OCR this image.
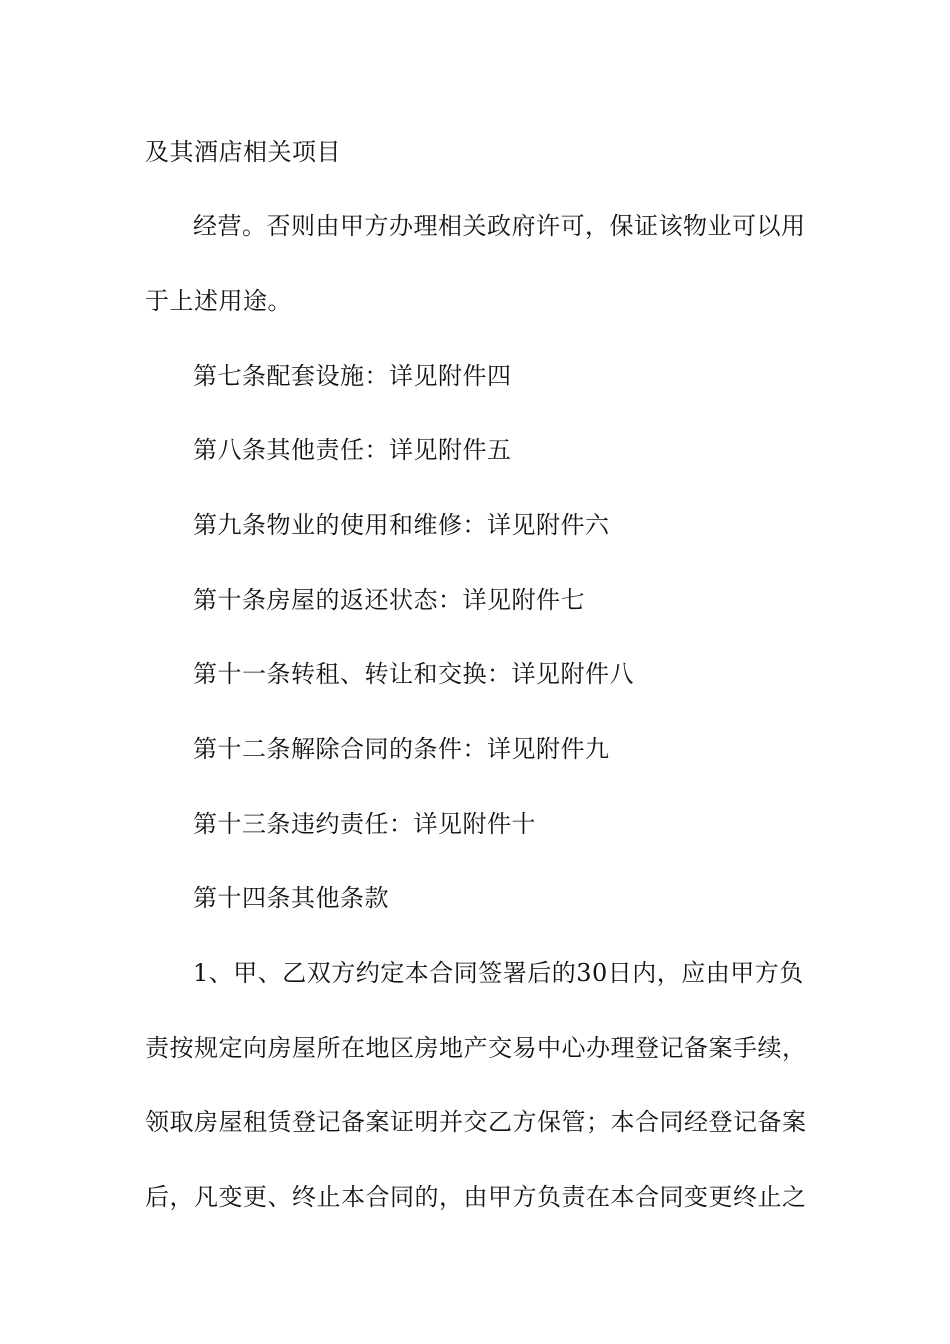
及其酒店相关项目
经营。否则由甲方办理相关政府许可，保证该物业可以用
于上述用途。
第七条配套设施：详见附件四
第八条其他责任：详见附件五
第九条物业的使用和维修：详见附件六
第十条房屋的返还状态：详见附件七
第十一条转租、转让和交换：详见附件八
第十二条解除合同的条件：详见附件九
第十三条违约责任：详见附件十
第十四条其他条款
1、甲、乙双方约定本合同签署后的30日内，应由甲方负
责按规定向房屋所在地区房地产交易中心办理登记备案手续，
领取房屋租赁登记备案证明并交乙方保管；本合同经登记备案
后，凡变更、终止本合同的，由甲方负责在本合同变更终止之
